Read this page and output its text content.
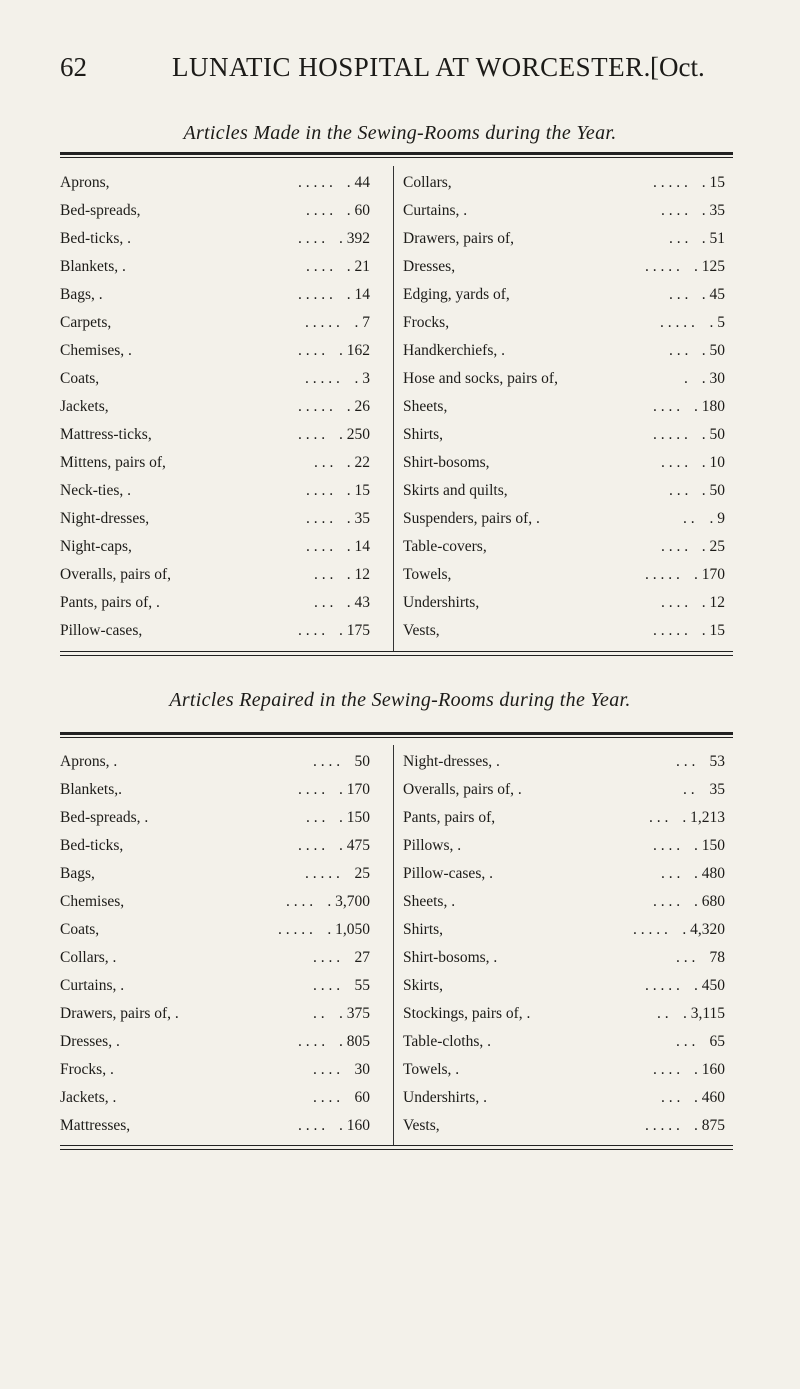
62	LUNATIC HOSPITAL AT WORCESTER. [Oct.
Articles Made in the Sewing-Rooms during the Year.
Aprons,	. . . . . . 44
Bed-spreads,	. . . . . 60
Bed-ticks, .	. . . . . 392
Blankets, .	. . . . . 21
Bags, .	. . . . . . 14
Carpets,	. . . . . . 7
Chemises, .	. . . . . 162
Coats,	. . . . . . 3
Jackets,	. . . . . . 26
Mattress-ticks,	. . . . . 250
Mittens, pairs of,	. . . . 22
Neck-ties, .	. . . . . 15
Night-dresses,	. . . . . 35
Night-caps,	. . . . . 14
Overalls, pairs of,	. . . . 12
Pants, pairs of, .	. . . . 43
Pillow-cases,	. . . . . 175
Collars,	. . . . . . 15
Curtains, .	. . . . . 35
Drawers, pairs of,	. . . . 51
Dresses,	. . . . . . 125
Edging, yards of,	. . . . 45
Frocks,	. . . . . . 5
Handkerchiefs, .	. . . . 50
Hose and socks, pairs of,	. . 30
Sheets,	. . . . . 180
Shirts,	. . . . . . 50
Shirt-bosoms,	. . . . . 10
Skirts and quilts,	. . . . 50
Suspenders, pairs of, .	. . . 9
Table-covers,	. . . . . 25
Towels,	. . . . . . 170
Undershirts,	. . . . . 12
Vests,	. . . . . . 15
Articles Repaired in the Sewing-Rooms during the Year.
Aprons, .	. . . . 50
Blankets,.	. . . . . 170
Bed-spreads, .	. . . . 150
Bed-ticks,	. . . . . 475
Bags,	. . . . . 25
Chemises,	. . . . . 3,700
Coats,	. . . . . . 1,050
Collars, .	. . . . 27
Curtains, .	. . . . 55
Drawers, pairs of, .	. . . 375
Dresses, .	. . . . . 805
Frocks, .	. . . . 30
Jackets, .	. . . . 60
Mattresses,	. . . . . 160
Night-dresses, .	. . . 53
Overalls, pairs of, .	. . 35
Pants, pairs of,	. . . . 1,213
Pillows, .	. . . . . 150
Pillow-cases, .	. . . . 480
Sheets, .	. . . . . 680
Shirts,	. . . . . . 4,320
Shirt-bosoms, .	. . . 78
Skirts,	. . . . . . 450
Stockings, pairs of, .	. . . 3,115
Table-cloths, .	. . . 65
Towels, .	. . . . . 160
Undershirts, .	. . . . 460
Vests,	. . . . . . 875
